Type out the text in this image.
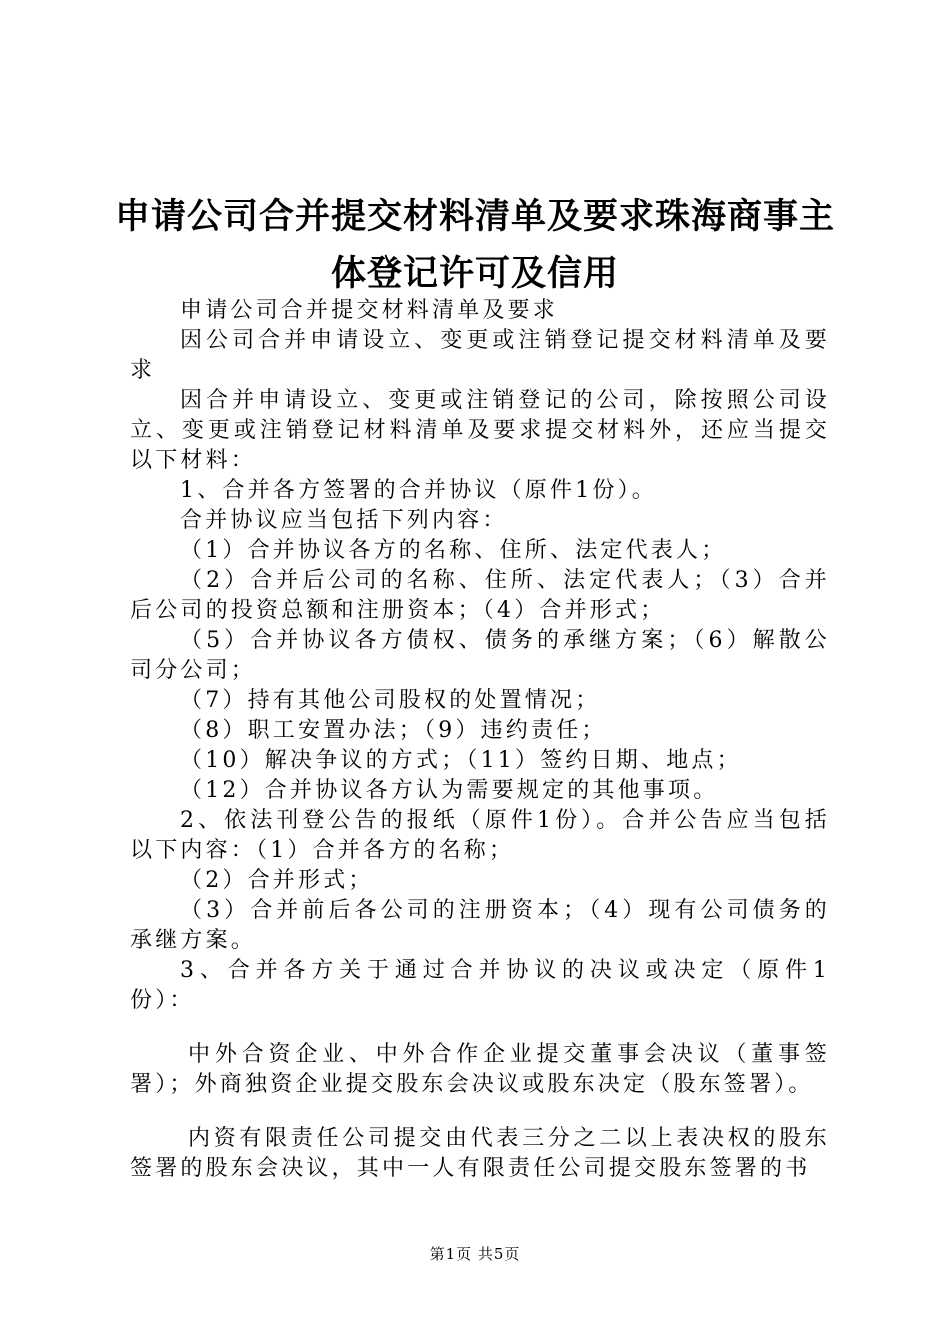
申请公司合并提交材料清单及要求珠海商事主
体登记许可及信用

申请公司合并提交材料清单及要求

因公司合并申请设立、变更或注销登记提交材料清单及要求

因合并申请设立、变更或注销登记的公司，除按照公司设立、变更或注销登记材料清单及要求提交材料外，还应当提交以下材料：

1、合并各方签署的合并协议（原件1份）。

合并协议应当包括下列内容：

（1）合并协议各方的名称、住所、法定代表人；

（2）合并后公司的名称、住所、法定代表人；（3）合并后公司的投资总额和注册资本；（4）合并形式；

（5）合并协议各方债权、债务的承继方案；（6）解散公司分公司；

（7）持有其他公司股权的处置情况；

（8）职工安置办法；（9）违约责任；

（10）解决争议的方式；（11）签约日期、地点；

（12）合并协议各方认为需要规定的其他事项。

2、依法刊登公告的报纸（原件1份）。合并公告应当包括以下内容：（1）合并各方的名称；

（2）合并形式；

（3）合并前后各公司的注册资本；（4）现有公司债务的承继方案。

3、合并各方关于通过合并协议的决议或决定（原件1份）：

中外合资企业、中外合作企业提交董事会决议（董事签署）；外商独资企业提交股东会决议或股东决定（股东签署）。

内资有限责任公司提交由代表三分之二以上表决权的股东签署的股东会决议，其中一人有限责任公司提交股东签署的书

第1页 共5页
